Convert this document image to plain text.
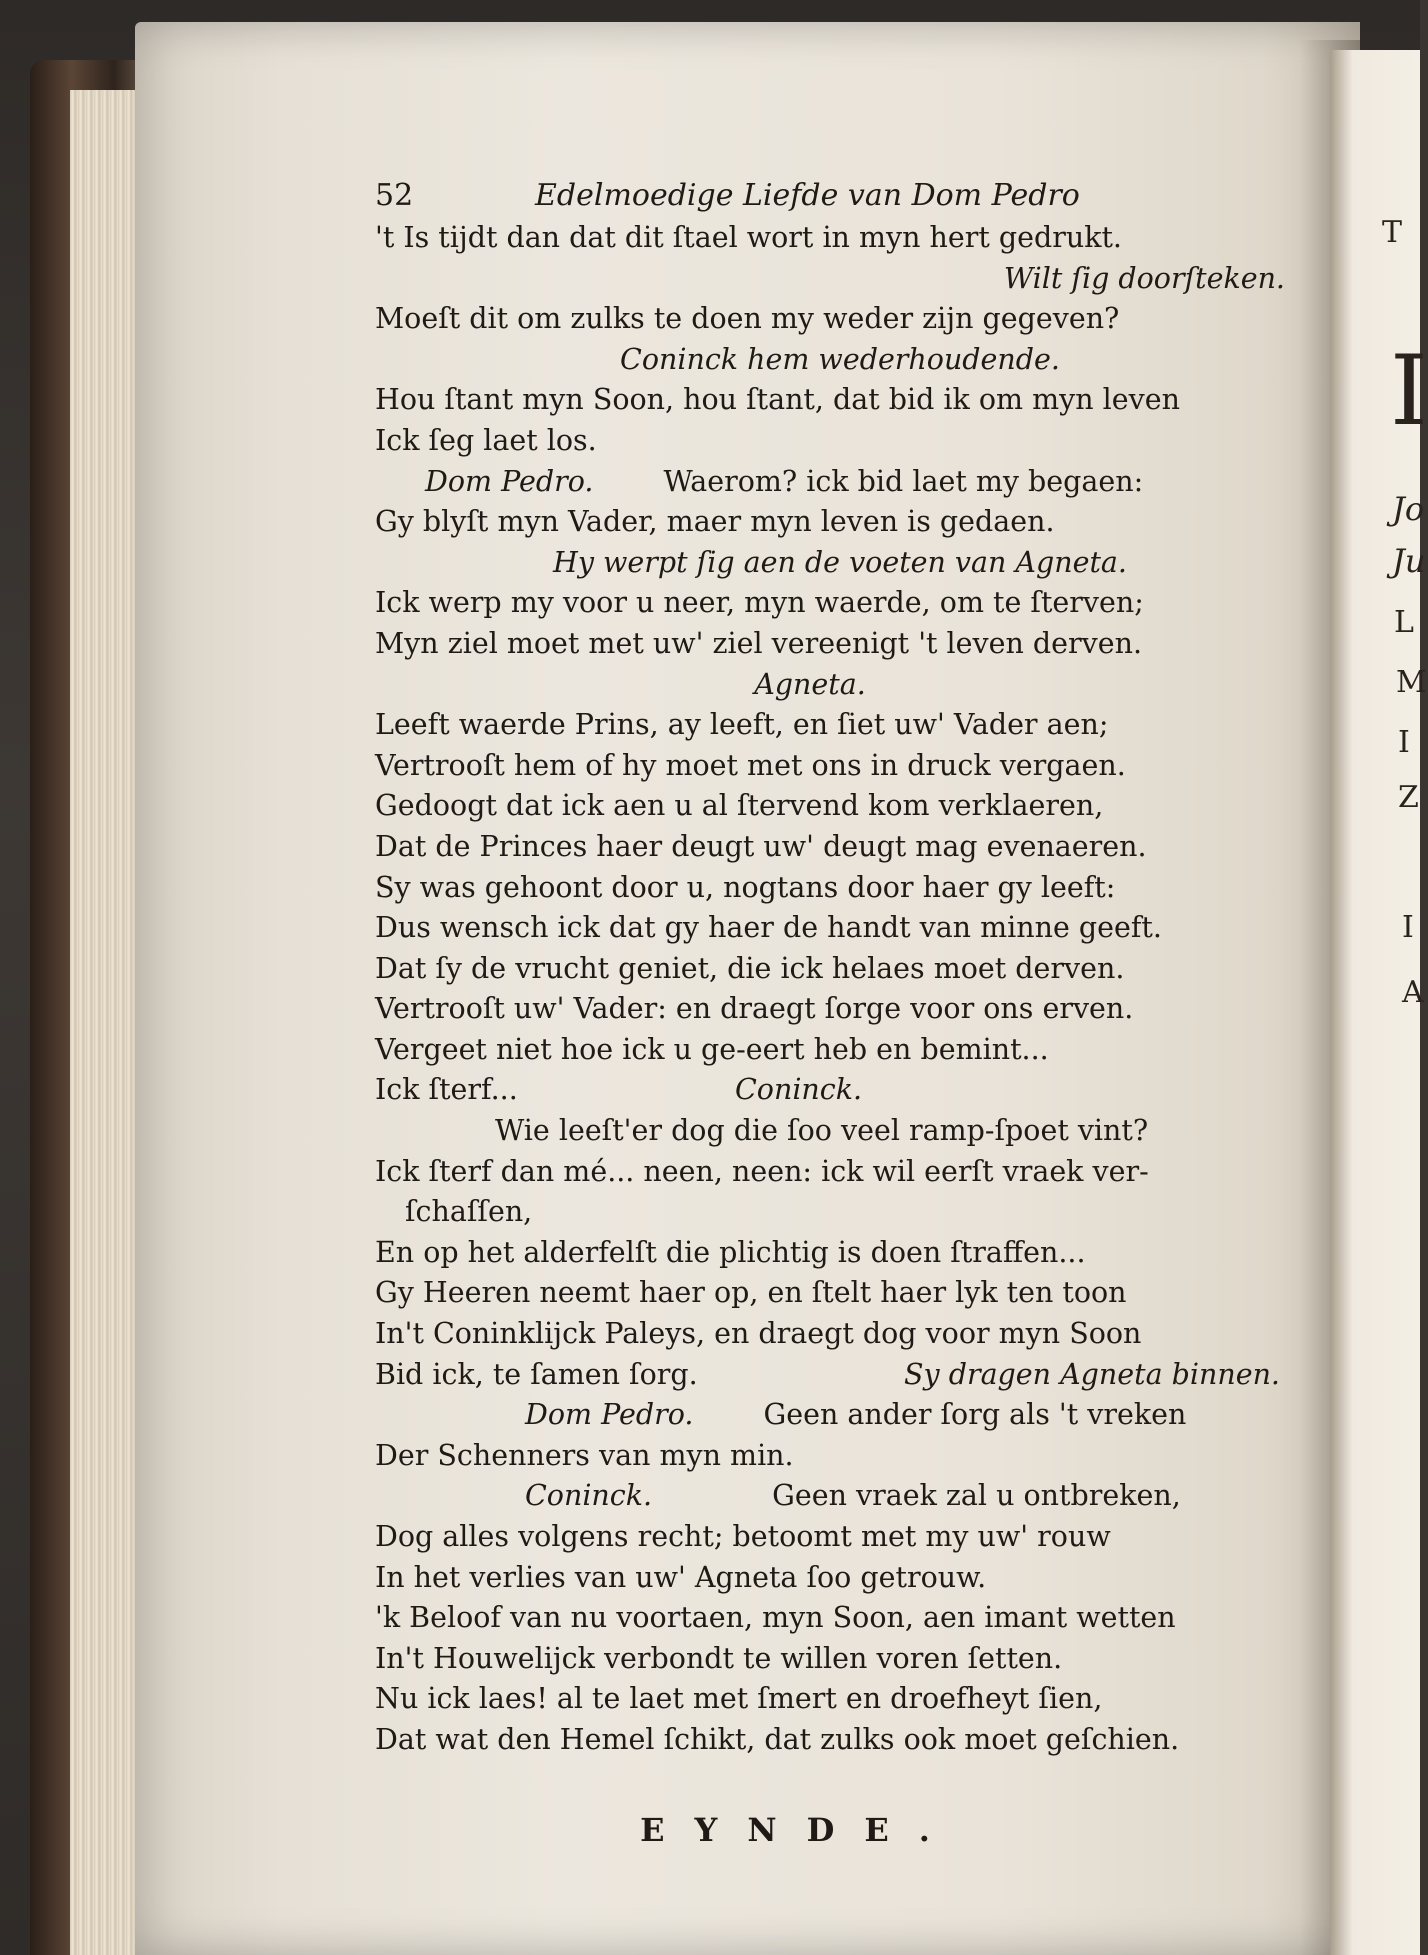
T
I
Jo
Ju
L
M
I
Z
I
A
52	Edelmoedige Liefde van Dom Pedro
't Is tijdt dan dat dit ſtael wort in myn hert gedrukt.
Wilt ſig doorſteken.
Moeſt dit om zulks te doen my weder zijn gegeven?
Coninck hem wederhoudende.
Hou ſtant myn Soon, hou ſtant, dat bid ik om myn leven
Ick ſeg laet los.
Dom Pedro. Waerom? ick bid laet my begaen:
Gy blyſt myn Vader, maer myn leven is gedaen.
Hy werpt ſig aen de voeten van Agneta.
Ick werp my voor u neer, myn waerde, om te ſterven;
Myn ziel moet met uw' ziel vereenigt 't leven derven.
Agneta.
Leeft waerde Prins, ay leeft, en ſiet uw' Vader aen;
Vertrooſt hem of hy moet met ons in druck vergaen.
Gedoogt dat ick aen u al ſtervend kom verklaeren,
Dat de Princes haer deugt uw' deugt mag evenaeren.
Sy was gehoont door u, nogtans door haer gy leeft:
Dus wensch ick dat gy haer de handt van minne geeft.
Dat ſy de vrucht geniet, die ick helaes moet derven.
Vertrooſt uw' Vader: en draegt ſorge voor ons erven.
Vergeet niet hoe ick u ge-eert heb en bemint...
Ick ſterf...	Coninck.
Wie leeſt'er dog die ſoo veel ramp-ſpoet vint?
Ick ſterf dan mé... neen, neen: ick wil eerſt vraek ver-
ſchaſſen,
En op het alderfelſt die plichtig is doen ſtraffen...
Gy Heeren neemt haer op, en ſtelt haer lyk ten toon
In't Coninklijck Paleys, en draegt dog voor myn Soon
Bid ick, te ſamen ſorg.	Sy dragen Agneta binnen.
Dom Pedro. Geen ander ſorg als 't vreken
Der Schenners van myn min.
Coninck.	Geen vraek zal u ontbreken,
Dog alles volgens recht; betoomt met my uw' rouw
In het verlies van uw' Agneta ſoo getrouw.
'k Beloof van nu voortaen, myn Soon, aen imant wetten
In't Houwelijck verbondt te willen voren ſetten.
Nu ick laes! al te laet met ſmert en droefheyt ſien,
Dat wat den Hemel ſchikt, dat zulks ook moet geſchien.
EYNDE.
